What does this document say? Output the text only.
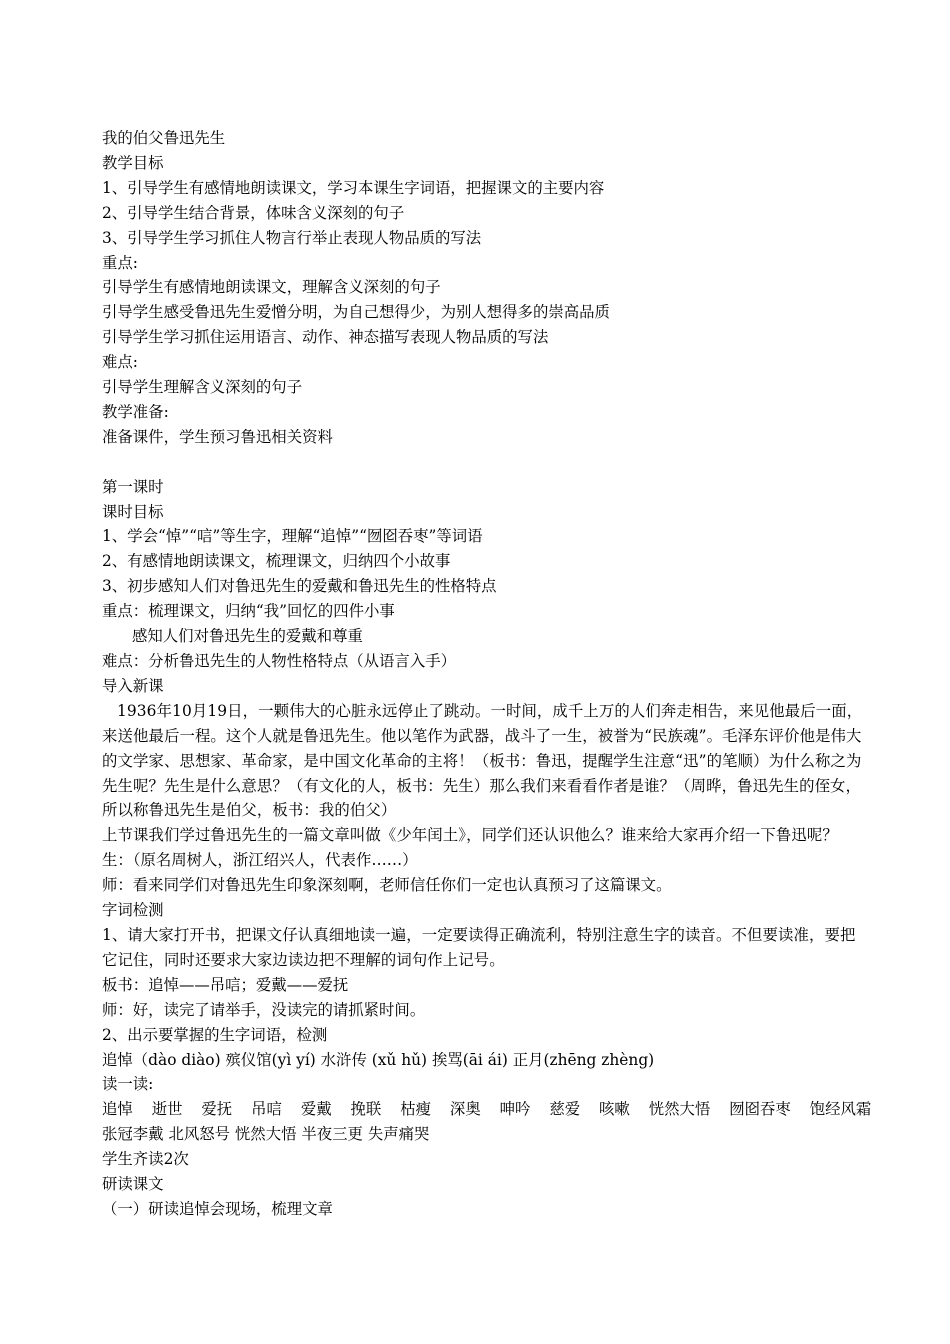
我的伯父鲁迅先生
教学目标
1、引导学生有感情地朗读课文，学习本课生字词语，把握课文的主要内容
2、引导学生结合背景，体味含义深刻的句子
3、引导学生学习抓住人物言行举止表现人物品质的写法
重点:
引导学生有感情地朗读课文，理解含义深刻的句子
引导学生感受鲁迅先生爱憎分明，为自己想得少，为别人想得多的崇高品质
引导学生学习抓住运用语言、动作、神态描写表现人物品质的写法
难点:
引导学生理解含义深刻的句子
教学准备:
准备课件，学生预习鲁迅相关资料
第一课时
课时目标
1、学会“悼”“唁”等生字，理解“追悼”“囫囵吞枣”等词语
2、有感情地朗读课文，梳理课文，归纳四个小故事
3、初步感知人们对鲁迅先生的爱戴和鲁迅先生的性格特点
重点：梳理课文，归纳“我”回忆的四件小事
感知人们对鲁迅先生的爱戴和尊重
难点：分析鲁迅先生的人物性格特点（从语言入手）
导入新课
1936年10月19日，一颗伟大的心脏永远停止了跳动。一时间，成千上万的人们奔走相告，来见他最后一面，来送他最后一程。这个人就是鲁迅先生。他以笔作为武器，战斗了一生，被誉为“民族魂”。毛泽东评价他是伟大的文学家、思想家、革命家，是中国文化革命的主将！（板书：鲁迅，提醒学生注意“迅”的笔顺）为什么称之为先生呢？先生是什么意思？（有文化的人，板书：先生）那么我们来看看作者是谁？（周晔，鲁迅先生的侄女，所以称鲁迅先生是伯父，板书：我的伯父）
上节课我们学过鲁迅先生的一篇文章叫做《少年闰土》，同学们还认识他么？谁来给大家再介绍一下鲁迅呢？
生：（原名周树人，浙江绍兴人，代表作……）
师：看来同学们对鲁迅先生印象深刻啊，老师信任你们一定也认真预习了这篇课文。
字词检测
1、请大家打开书，把课文仔认真细地读一遍，一定要读得正确流利，特别注意生字的读音。不但要读准，要把它记住，同时还要求大家边读边把不理解的词句作上记号。
板书：追悼——吊唁；爱戴——爱抚
师：好，读完了请举手，没读完的请抓紧时间。
2、出示要掌握的生字词语，检测
追悼（dào diào) 殡仪馆(yì yí) 水浒传 (xǔ hǔ) 挨骂(āi ái) 正月(zhēng zhèng)
读一读:
追悼 逝世 爱抚 吊唁 爱戴 挽联 枯瘦 深奥 呻吟 慈爱 咳嗽 恍然大悟 囫囵吞枣 饱经风霜
张冠李戴 北风怒号 恍然大悟 半夜三更 失声痛哭
学生齐读2次
研读课文
（一）研读追悼会现场，梳理文章
